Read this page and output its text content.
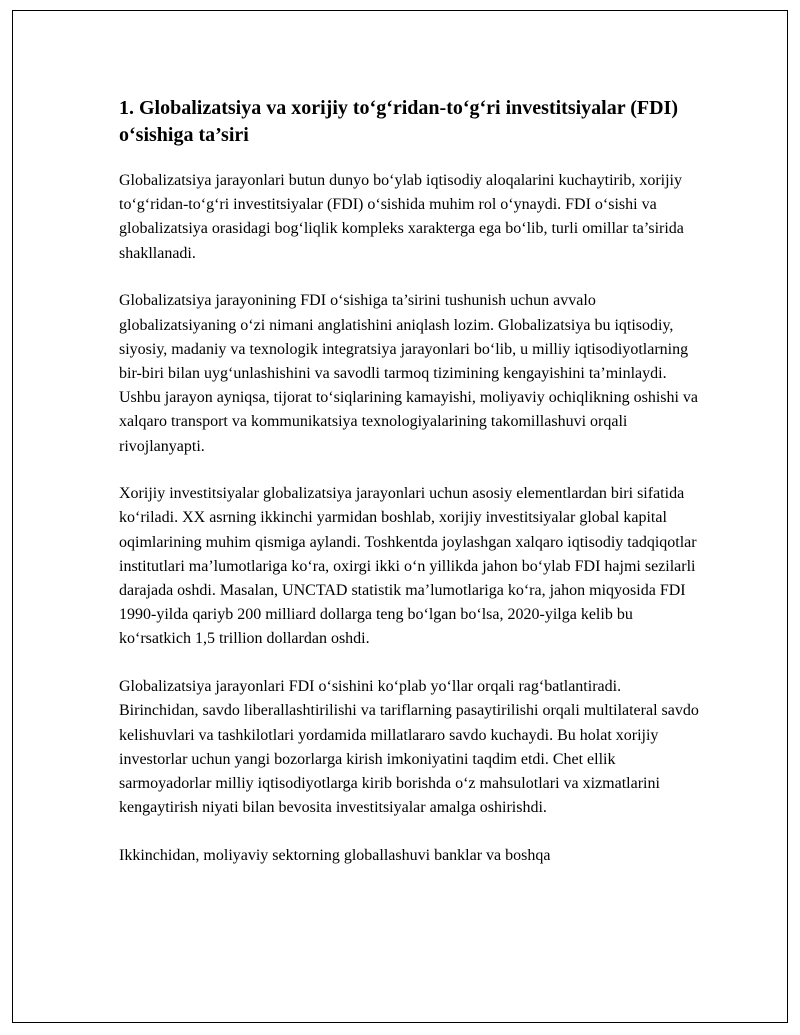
1. Globalizatsiya va xorijiy to‘g‘ridan-to‘g‘ri investitsiyalar (FDI) o‘sishiga ta’siri

Globalizatsiya jarayonlari butun dunyo bo‘ylab iqtisodiy aloqalarini kuchaytirib, xorijiy to‘g‘ridan-to‘g‘ri investitsiyalar (FDI) o‘sishida muhim rol o‘ynaydi. FDI o‘sishi va globalizatsiya orasidagi bog‘liqlik kompleks xarakterga ega bo‘lib, turli omillar ta’sirida shakllanadi.

Globalizatsiya jarayonining FDI o‘sishiga ta’sirini tushunish uchun avvalo globalizatsiyaning o‘zi nimani anglatishini aniqlash lozim. Globalizatsiya bu iqtisodiy, siyosiy, madaniy va texnologik integratsiya jarayonlari bo‘lib, u milliy iqtisodiyotlarning bir-biri bilan uyg‘unlashishini va savodli tarmoq tizimining kengayishini ta’minlaydi. Ushbu jarayon ayniqsa, tijorat to‘siqlarining kamayishi, moliyaviy ochiqlikning oshishi va xalqaro transport va kommunikatsiya texnologiyalarining takomillashuvi orqali rivojlanyapti.

Xorijiy investitsiyalar globalizatsiya jarayonlari uchun asosiy elementlardan biri sifatida ko‘riladi. XX asrning ikkinchi yarmidan boshlab, xorijiy investitsiyalar global kapital oqimlarining muhim qismiga aylandi. Toshkentda joylashgan xalqaro iqtisodiy tadqiqotlar institutlari ma’lumotlariga ko‘ra, oxirgi ikki o‘n yillikda jahon bo‘ylab FDI hajmi sezilarli darajada oshdi. Masalan, UNCTAD statistik ma’lumotlariga ko‘ra, jahon miqyosida FDI 1990-yilda qariyb 200 milliard dollarga teng bo‘lgan bo‘lsa, 2020-yilga kelib bu ko‘rsatkich 1,5 trillion dollardan oshdi.

Globalizatsiya jarayonlari FDI o‘sishini ko‘plab yo‘llar orqali rag‘batlantiradi. Birinchidan, savdo liberallashtirilishi va tariflarning pasaytirilishi orqali multilateral savdo kelishuvlari va tashkilotlari yordamida millatlararo savdo kuchaydi. Bu holat xorijiy investorlar uchun yangi bozorlarga kirish imkoniyatini taqdim etdi. Chet ellik sarmoyadorlar milliy iqtisodiyotlarga kirib borishda o‘z mahsulotlari va xizmatlarini kengaytirish niyati bilan bevosita investitsiyalar amalga oshirishdi.

Ikkinchidan, moliyaviy sektorning globallashuvi banklar va boshqa
